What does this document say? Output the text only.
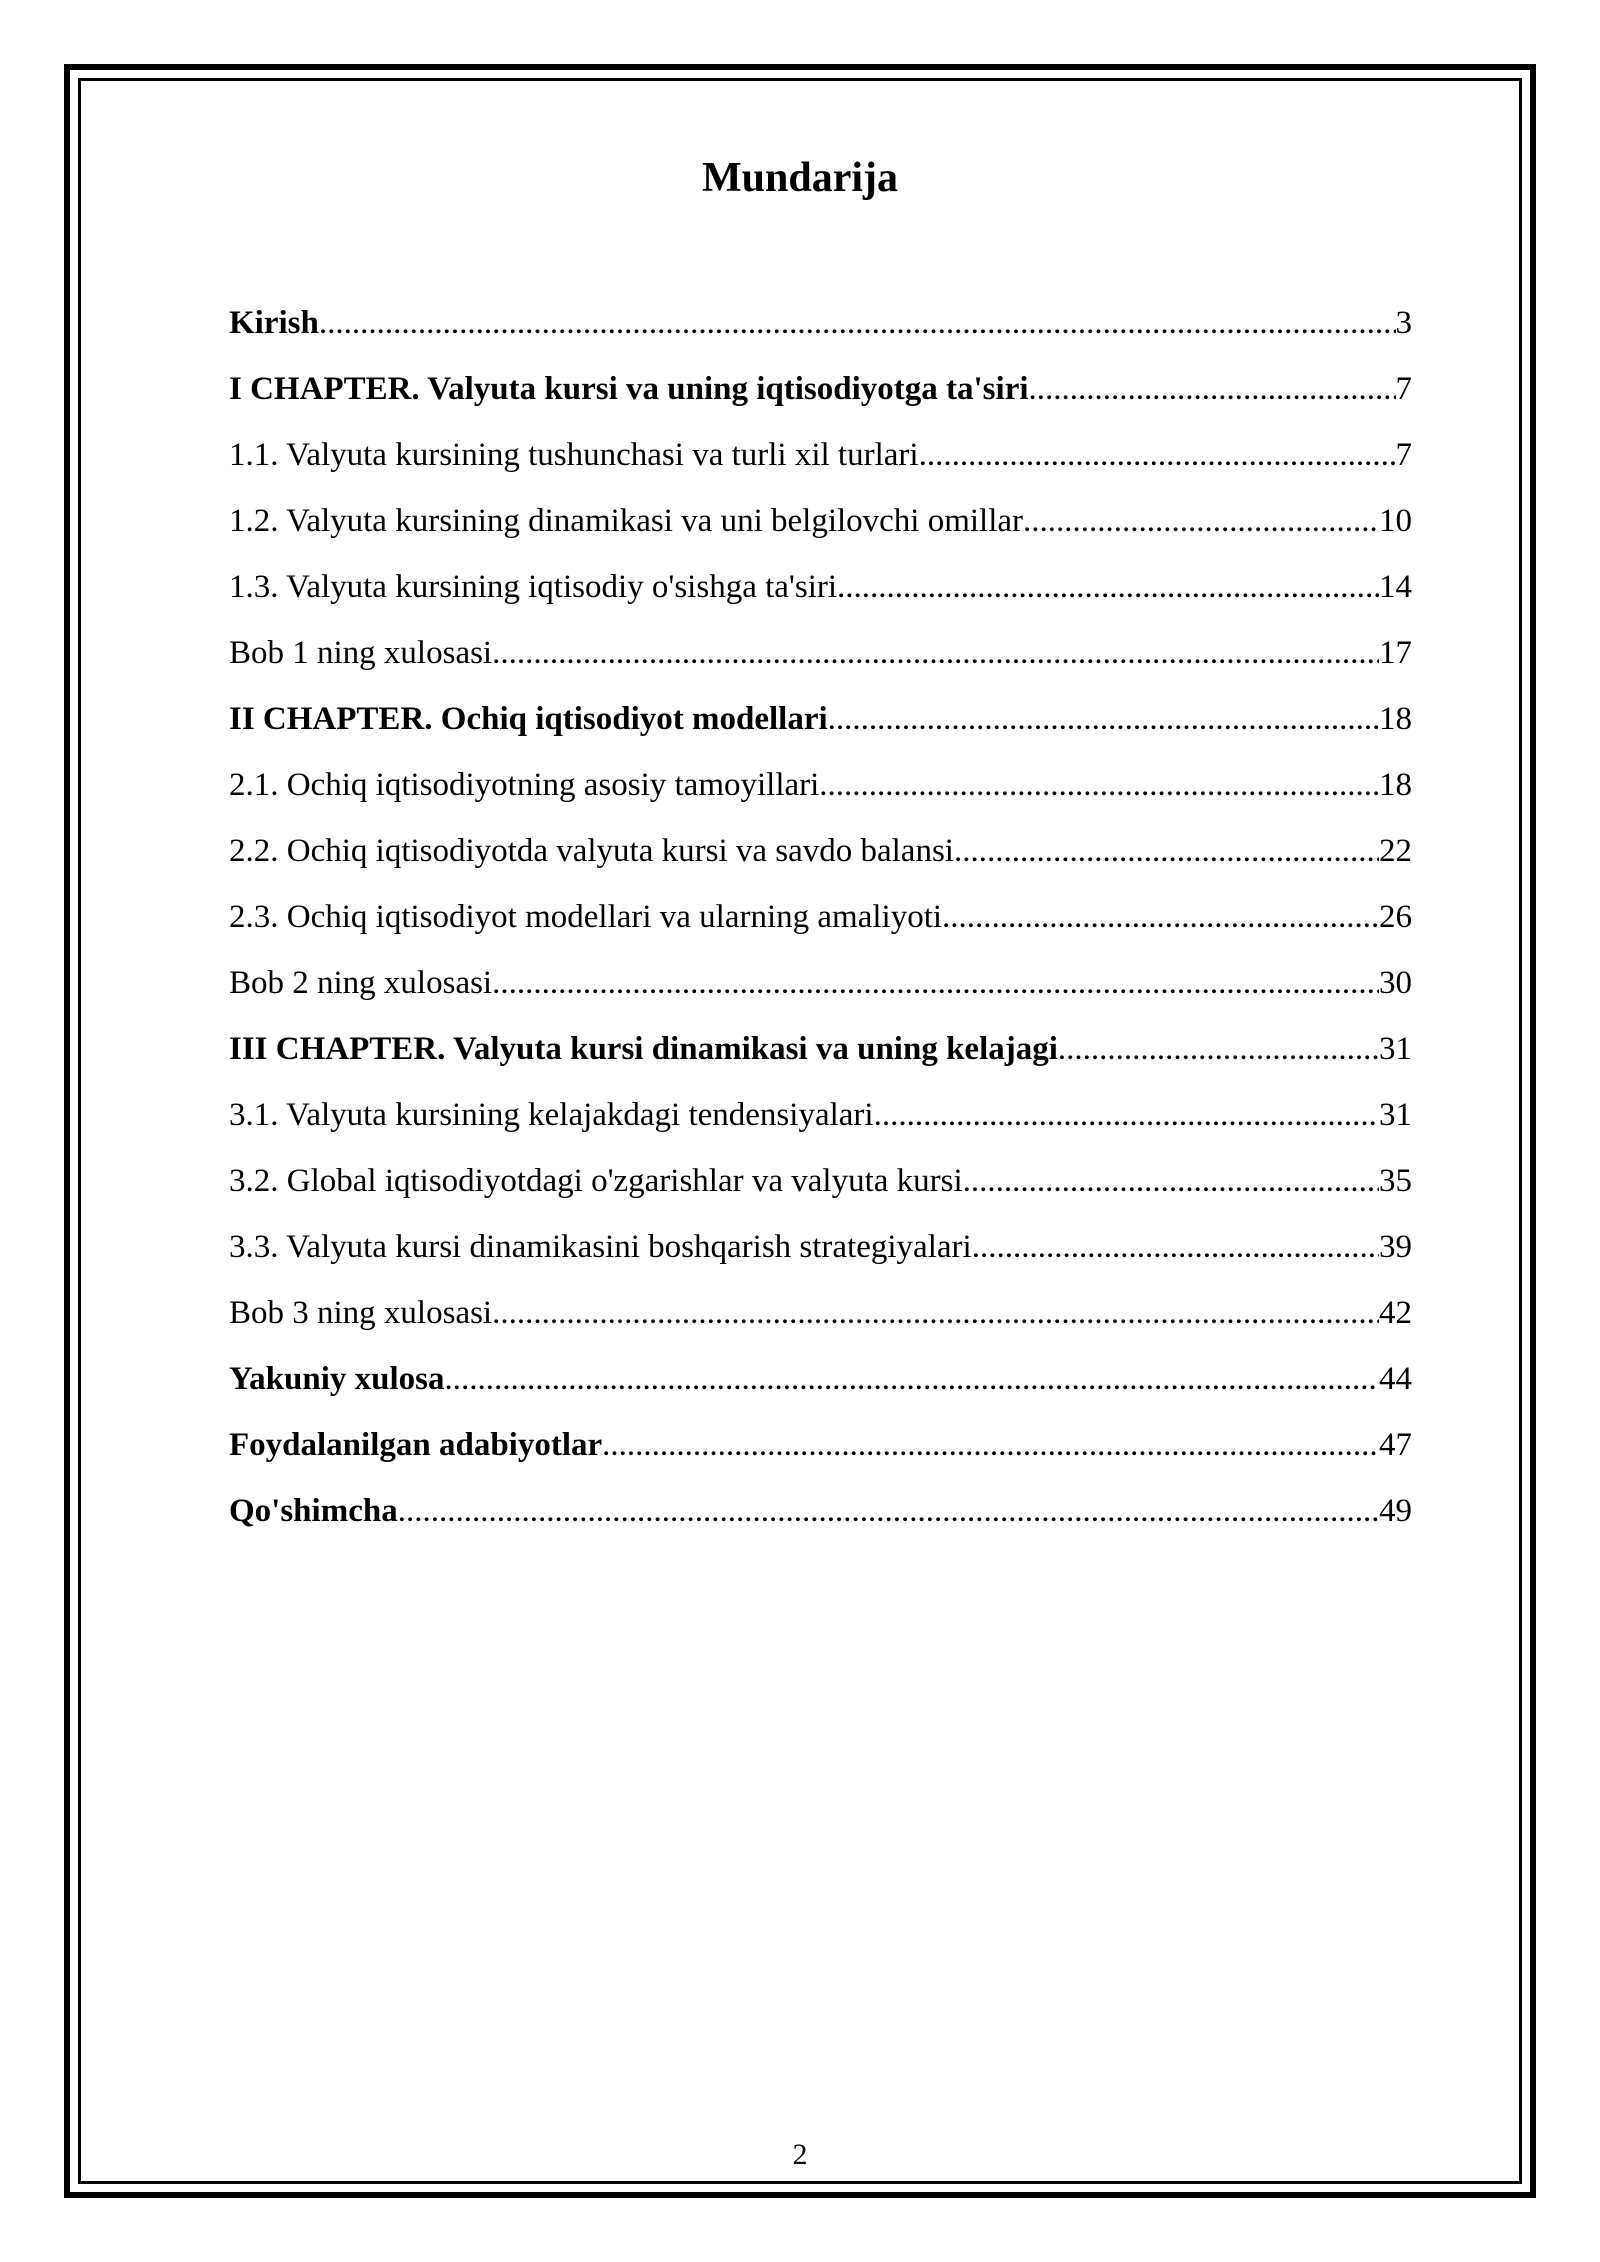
Mundarija
Kirish .....	3
I CHAPTER. Valyuta kursi va uning iqtisodiyotga ta'siri .....	7
1.1. Valyuta kursining tushunchasi va turli xil turlari .....	7
1.2. Valyuta kursining dinamikasi va uni belgilovchi omillar .....	10
1.3. Valyuta kursining iqtisodiy o'sishga ta'siri .....	14
Bob 1 ning xulosasi .....	17
II CHAPTER. Ochiq iqtisodiyot modellari .....	18
2.1. Ochiq iqtisodiyotning asosiy tamoyillari .....	18
2.2. Ochiq iqtisodiyotda valyuta kursi va savdo balansi .....	22
2.3. Ochiq iqtisodiyot modellari va ularning amaliyoti .....	26
Bob 2 ning xulosasi .....	30
III CHAPTER. Valyuta kursi dinamikasi va uning kelajagi .....	31
3.1. Valyuta kursining kelajakdagi tendensiyalari .....	31
3.2. Global iqtisodiyotdagi o'zgarishlar va valyuta kursi .....	35
3.3. Valyuta kursi dinamikasini boshqarish strategiyalari .....	39
Bob 3 ning xulosasi .....	42
Yakuniy xulosa .....	44
Foydalanilgan adabiyotlar .....	47
Qo'shimcha .....	49
2
